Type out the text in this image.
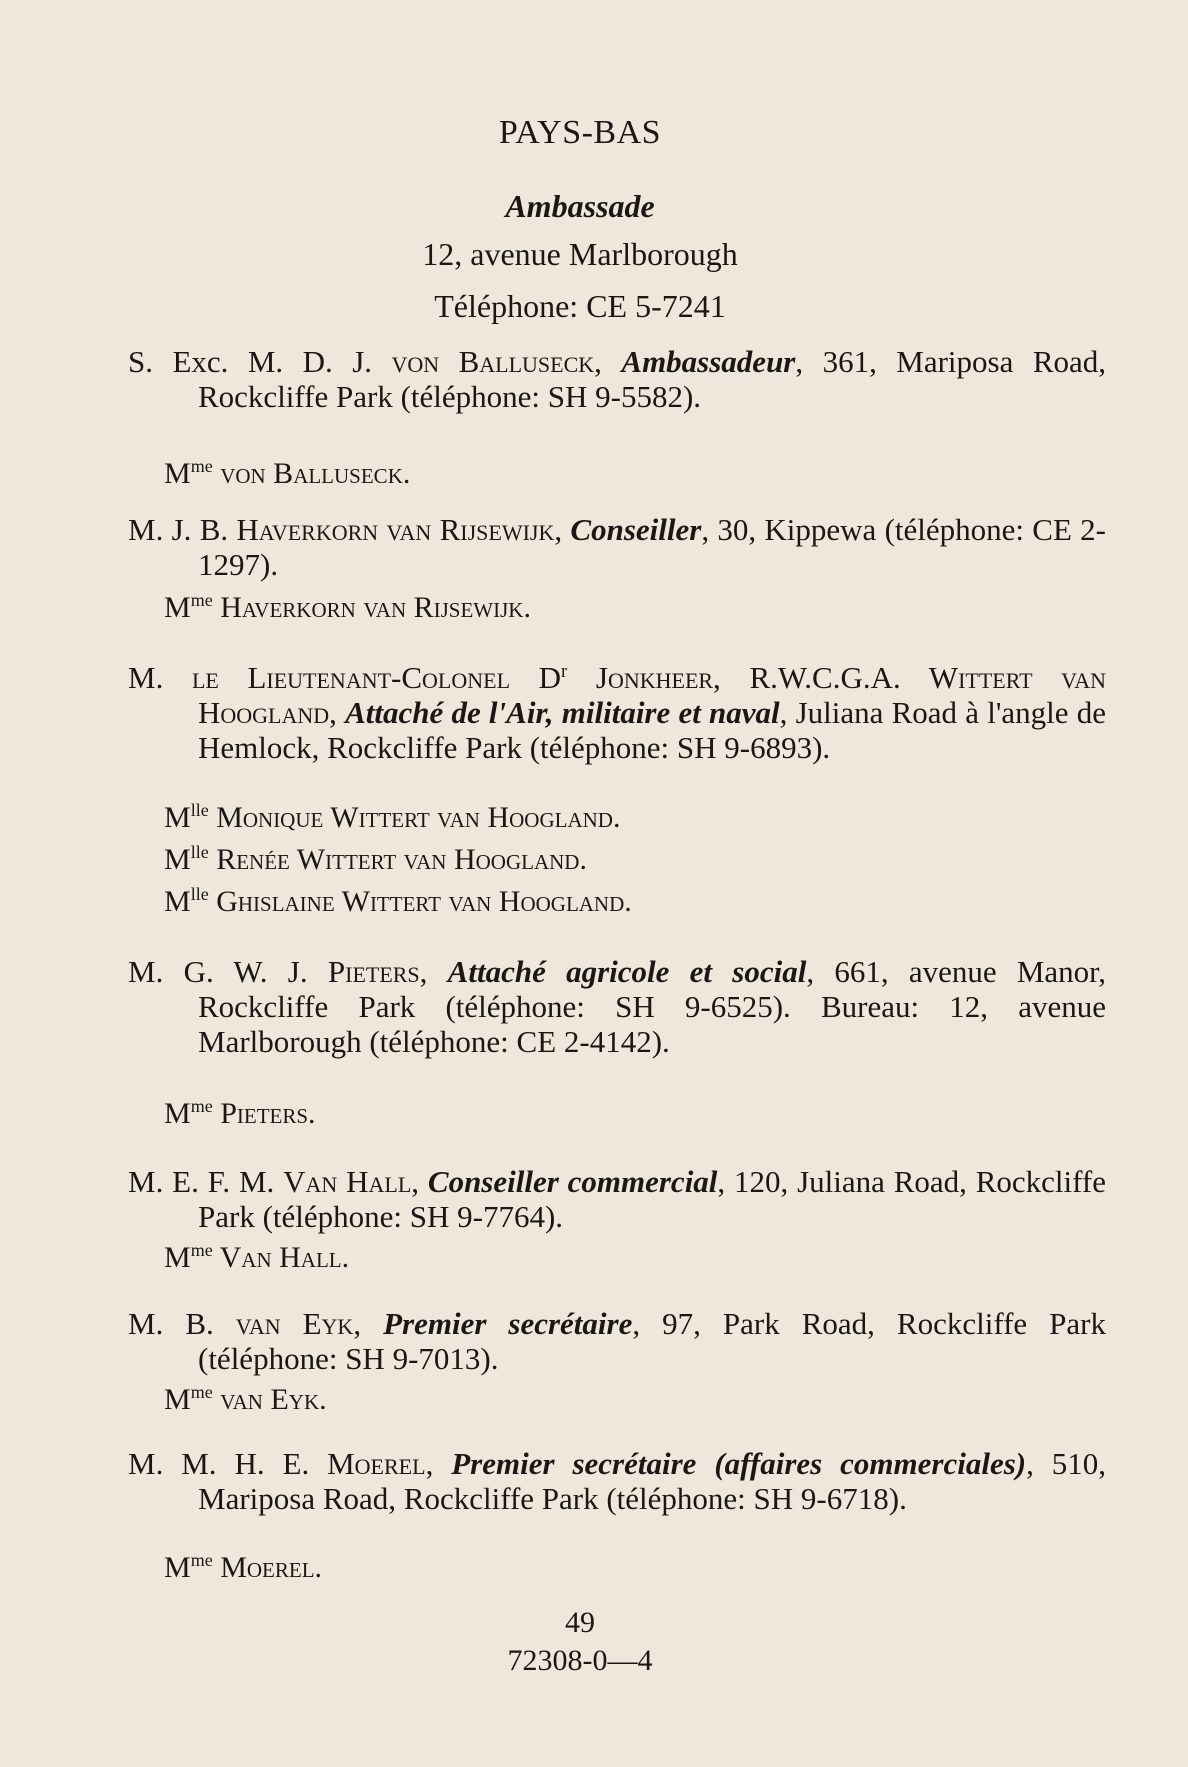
PAYS-BAS
Ambassade
12, avenue Marlborough
Téléphone: CE 5-7241
S. Exc. M. D. J. von Balluseck, Ambassadeur, 361, Mariposa Road, Rockcliffe Park (téléphone: SH 9-5582).
$M^{me}$ von Balluseck.
M. J. B. Haverkorn van Rijsewijk, Conseiller, 30, Kippewa (téléphone: CE 2-1297).
$M^{me}$ Haverkorn van Rijsewijk.
M. le Lieutenant-Colonel $D^r$ Jonkheer, R.W.C.G.A. Wittert van Hoogland, Attaché de l'Air, militaire et naval, Juliana Road à l'angle de Hemlock, Rockcliffe Park (téléphone: SH 9-6893).
$M^{lle}$ Monique Wittert van Hoogland.
$M^{lle}$ Renée Wittert van Hoogland.
$M^{lle}$ Ghislaine Wittert van Hoogland.
M. G. W. J. Pieters, Attaché agricole et social, 661, avenue Manor, Rockcliffe Park (téléphone: SH 9-6525). Bureau: 12, avenue Marlborough (téléphone: CE 2-4142).
$M^{me}$ Pieters.
M. E. F. M. Van Hall, Conseiller commercial, 120, Juliana Road, Rockcliffe Park (téléphone: SH 9-7764).
$M^{me}$ Van Hall.
M. B. van Eyk, Premier secrétaire, 97, Park Road, Rockcliffe Park (téléphone: SH 9-7013).
$M^{me}$ van Eyk.
M. M. H. E. Moerel, Premier secrétaire (affaires commerciales), 510, Mariposa Road, Rockcliffe Park (téléphone: SH 9-6718).
$M^{me}$ Moerel.
49
72308-0—4
